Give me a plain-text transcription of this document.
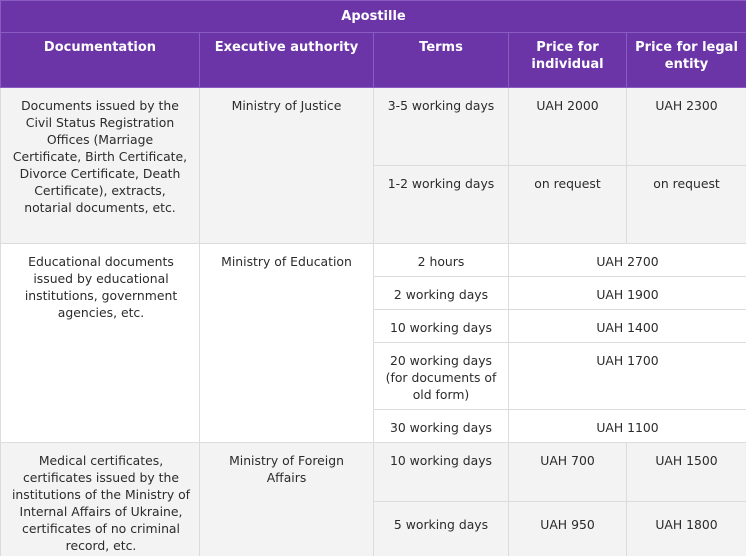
Apostille				
Documentation	Executive authority	Terms	Price for individual	Price for legal entity
Documents issued by the Civil Status Registration Offices (Marriage Certificate, Birth Certificate, Divorce Certificate, Death Certificate), extracts, notarial documents, etc.	Ministry of Justice	3-5 working days	UAH 2000	UAH 2300
		1-2 working days	on request	on request
Educational documents issued by educational institutions, government agencies, etc.	Ministry of Education	2 hours	UAH 2700	
		2 working days	UAH 1900	
		10 working days	UAH 1400	
		20 working days (for documents of old form)	UAH 1700	
		30 working days	UAH 1100	
Medical certificates, certificates issued by the institutions of the Ministry of Internal Affairs of Ukraine, certificates of no criminal record, etc.	Ministry of Foreign Affairs	10 working days	UAH 700	UAH 1500
		5 working days	UAH 950	UAH 1800
